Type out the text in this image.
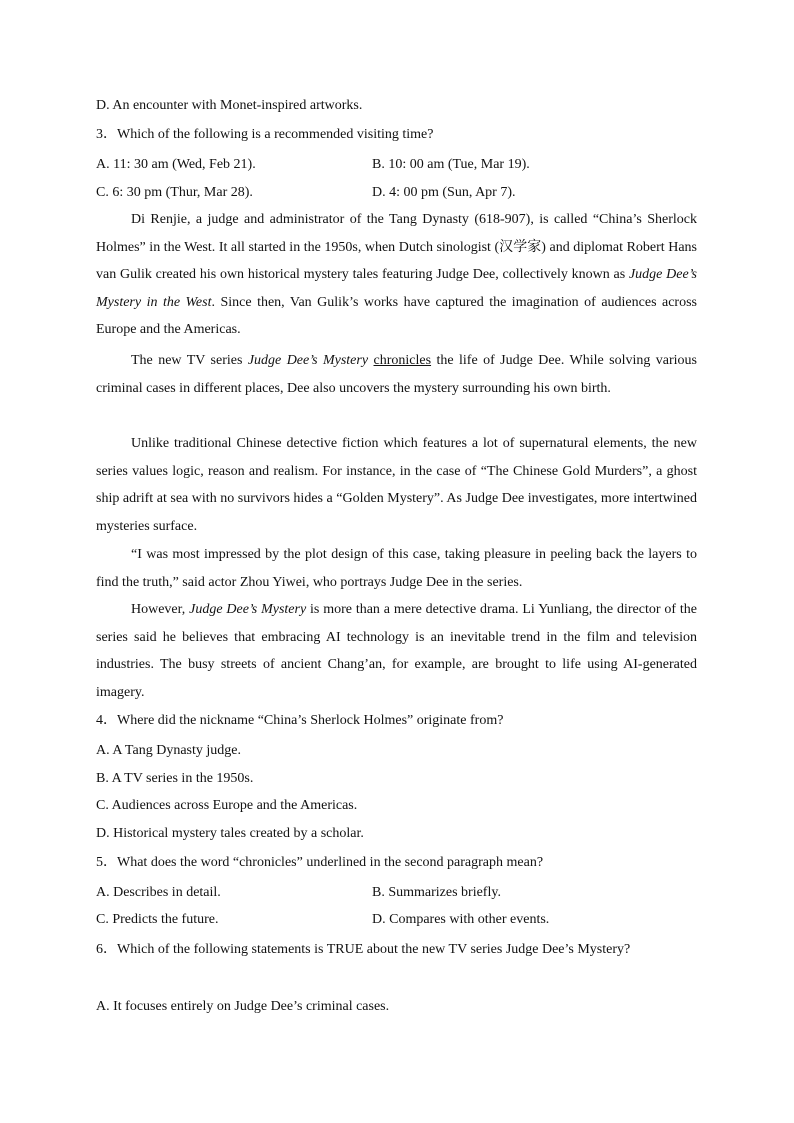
D. An encounter with Monet-inspired artworks.
3．Which of the following is a recommended visiting time?
A. 11: 30 am (Wed, Feb 21).	B. 10: 00 am (Tue, Mar 19).
C. 6: 30 pm (Thur, Mar 28).	D. 4: 00 pm (Sun, Apr 7).
Di Renjie, a judge and administrator of the Tang Dynasty (618-907), is called “China’s Sherlock Holmes” in the West. It all started in the 1950s, when Dutch sinologist (汉学家) and diplomat Robert Hans van Gulik created his own historical mystery tales featuring Judge Dee, collectively known as Judge Dee’s Mystery in the West. Since then, Van Gulik’s works have captured the imagination of audiences across Europe and the Americas.
The new TV series Judge Dee’s Mystery chronicles the life of Judge Dee. While solving various criminal cases in different places, Dee also uncovers the mystery surrounding his own birth.
Unlike traditional Chinese detective fiction which features a lot of supernatural elements, the new series values logic, reason and realism. For instance, in the case of “The Chinese Gold Murders”, a ghost ship adrift at sea with no survivors hides a “Golden Mystery”. As Judge Dee investigates, more intertwined mysteries surface.
“I was most impressed by the plot design of this case, taking pleasure in peeling back the layers to find the truth,” said actor Zhou Yiwei, who portrays Judge Dee in the series.
However, Judge Dee’s Mystery is more than a mere detective drama. Li Yunliang, the director of the series said he believes that embracing AI technology is an inevitable trend in the film and television industries. The busy streets of ancient Chang’an, for example, are brought to life using AI-generated imagery.
4．Where did the nickname “China’s Sherlock Holmes” originate from?
A. A Tang Dynasty judge.
B. A TV series in the 1950s.
C. Audiences across Europe and the Americas.
D. Historical mystery tales created by a scholar.
5．What does the word “chronicles” underlined in the second paragraph mean?
A. Describes in detail.	B. Summarizes briefly.
C. Predicts the future.	D. Compares with other events.
6．Which of the following statements is TRUE about the new TV series Judge Dee’s Mystery?
A. It focuses entirely on Judge Dee’s criminal cases.
